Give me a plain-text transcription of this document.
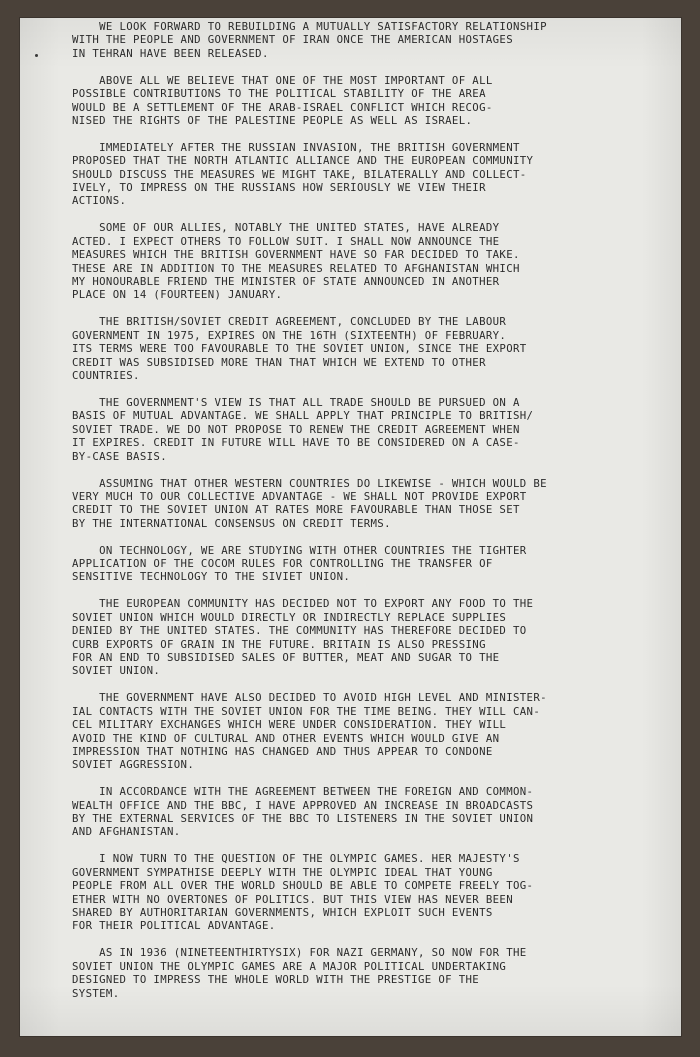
WE LOOK FORWARD TO REBUILDING A MUTUALLY SATISFACTORY RELATIONSHIP
WITH THE PEOPLE AND GOVERNMENT OF IRAN ONCE THE AMERICAN HOSTAGES
IN TEHRAN HAVE BEEN RELEASED.
ABOVE ALL WE BELIEVE THAT ONE OF THE MOST IMPORTANT OF ALL
POSSIBLE CONTRIBUTIONS TO THE POLITICAL STABILITY OF THE AREA
WOULD BE A SETTLEMENT OF THE ARAB-ISRAEL CONFLICT WHICH RECOG-
NISED THE RIGHTS OF THE PALESTINE PEOPLE AS WELL AS ISRAEL.
IMMEDIATELY AFTER THE RUSSIAN INVASION, THE BRITISH GOVERNMENT
PROPOSED THAT THE NORTH ATLANTIC ALLIANCE AND THE EUROPEAN COMMUNITY
SHOULD DISCUSS THE MEASURES WE MIGHT TAKE, BILATERALLY AND COLLECT-
IVELY, TO IMPRESS ON THE RUSSIANS HOW SERIOUSLY WE VIEW THEIR
ACTIONS.
SOME OF OUR ALLIES, NOTABLY THE UNITED STATES, HAVE ALREADY
ACTED. I EXPECT OTHERS TO FOLLOW SUIT. I SHALL NOW ANNOUNCE THE
MEASURES WHICH THE BRITISH GOVERNMENT HAVE SO FAR DECIDED TO TAKE.
THESE ARE IN ADDITION TO THE MEASURES RELATED TO AFGHANISTAN WHICH
MY HONOURABLE FRIEND THE MINISTER OF STATE ANNOUNCED IN ANOTHER
PLACE ON 14 (FOURTEEN) JANUARY.
THE BRITISH/SOVIET CREDIT AGREEMENT, CONCLUDED BY THE LABOUR
GOVERNMENT IN 1975, EXPIRES ON THE 16TH (SIXTEENTH) OF FEBRUARY.
ITS TERMS WERE TOO FAVOURABLE TO THE SOVIET UNION, SINCE THE EXPORT
CREDIT WAS SUBSIDISED MORE THAN THAT WHICH WE EXTEND TO OTHER
COUNTRIES.
THE GOVERNMENT'S VIEW IS THAT ALL TRADE SHOULD BE PURSUED ON A
BASIS OF MUTUAL ADVANTAGE. WE SHALL APPLY THAT PRINCIPLE TO BRITISH/
SOVIET TRADE. WE DO NOT PROPOSE TO RENEW THE CREDIT AGREEMENT WHEN
IT EXPIRES. CREDIT IN FUTURE WILL HAVE TO BE CONSIDERED ON A CASE-
BY-CASE BASIS.
ASSUMING THAT OTHER WESTERN COUNTRIES DO LIKEWISE - WHICH WOULD BE
VERY MUCH TO OUR COLLECTIVE ADVANTAGE - WE SHALL NOT PROVIDE EXPORT
CREDIT TO THE SOVIET UNION AT RATES MORE FAVOURABLE THAN THOSE SET
BY THE INTERNATIONAL CONSENSUS ON CREDIT TERMS.
ON TECHNOLOGY, WE ARE STUDYING WITH OTHER COUNTRIES THE TIGHTER
APPLICATION OF THE COCOM RULES FOR CONTROLLING THE TRANSFER OF
SENSITIVE TECHNOLOGY TO THE SIVIET UNION.
THE EUROPEAN COMMUNITY HAS DECIDED NOT TO EXPORT ANY FOOD TO THE
SOVIET UNION WHICH WOULD DIRECTLY OR INDIRECTLY REPLACE SUPPLIES
DENIED BY THE UNITED STATES. THE COMMUNITY HAS THEREFORE DECIDED TO
CURB EXPORTS OF GRAIN IN THE FUTURE. BRITAIN IS ALSO PRESSING
FOR AN END TO SUBSIDISED SALES OF BUTTER, MEAT AND SUGAR TO THE
SOVIET UNION.
THE GOVERNMENT HAVE ALSO DECIDED TO AVOID HIGH LEVEL AND MINISTER-
IAL CONTACTS WITH THE SOVIET UNION FOR THE TIME BEING. THEY WILL CAN-
CEL MILITARY EXCHANGES WHICH WERE UNDER CONSIDERATION. THEY WILL
AVOID THE KIND OF CULTURAL AND OTHER EVENTS WHICH WOULD GIVE AN
IMPRESSION THAT NOTHING HAS CHANGED AND THUS APPEAR TO CONDONE
SOVIET AGGRESSION.
IN ACCORDANCE WITH THE AGREEMENT BETWEEN THE FOREIGN AND COMMON-
WEALTH OFFICE AND THE BBC, I HAVE APPROVED AN INCREASE IN BROADCASTS
BY THE EXTERNAL SERVICES OF THE BBC TO LISTENERS IN THE SOVIET UNION
AND AFGHANISTAN.
I NOW TURN TO THE QUESTION OF THE OLYMPIC GAMES. HER MAJESTY'S
GOVERNMENT SYMPATHISE DEEPLY WITH THE OLYMPIC IDEAL THAT YOUNG
PEOPLE FROM ALL OVER THE WORLD SHOULD BE ABLE TO COMPETE FREELY TOG-
ETHER WITH NO OVERTONES OF POLITICS. BUT THIS VIEW HAS NEVER BEEN
SHARED BY AUTHORITARIAN GOVERNMENTS, WHICH EXPLOIT SUCH EVENTS
FOR THEIR POLITICAL ADVANTAGE.
AS IN 1936 (NINETEENTHIRTYSIX) FOR NAZI GERMANY, SO NOW FOR THE
SOVIET UNION THE OLYMPIC GAMES ARE A MAJOR POLITICAL UNDERTAKING
DESIGNED TO IMPRESS THE WHOLE WORLD WITH THE PRESTIGE OF THE
SYSTEM.
